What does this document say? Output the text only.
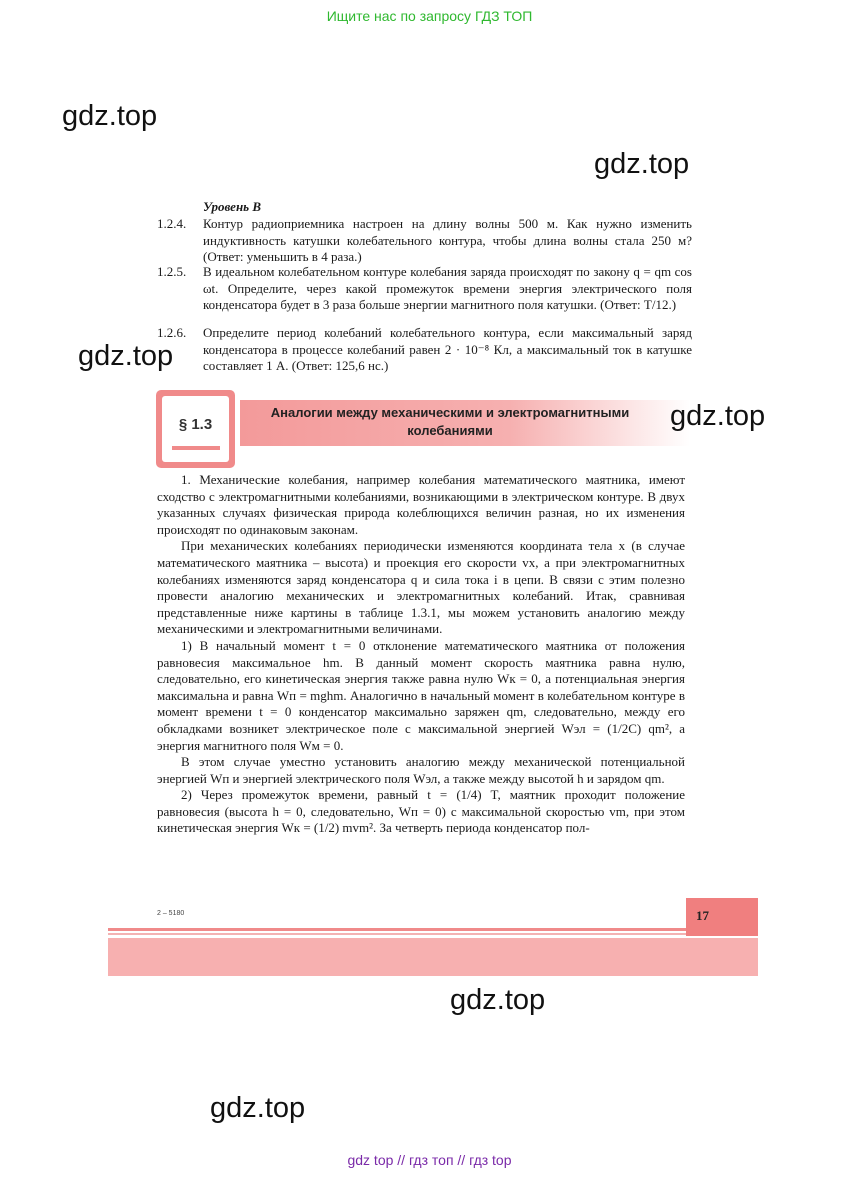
Ищите нас по запросу ГДЗ ТОП
gdz.top
gdz.top
Уровень В
1.2.4.	Контур радиоприемника настроен на длину волны 500 м. Как нужно изменить индуктивность катушки колебательного контура, чтобы длина волны стала 250 м? (Ответ: уменьшить в 4 раза.)
1.2.5.	В идеальном колебательном контуре колебания заряда происходят по закону q = qm cos ωt. Определите, через какой промежуток времени энергия электрического поля конденсатора будет в 3 раза больше энергии магнитного поля катушки. (Ответ: T/12.)
1.2.6.	Определите период колебаний колебательного контура, если максимальный заряд конденсатора в процессе колебаний равен 2 · 10⁻⁸ Кл, а максимальный ток в катушке составляет 1 А. (Ответ: 125,6 нс.)
gdz.top
§ 1.3
Аналогии между механическими и электромагнитными колебаниями	gdz.top

1. Механические колебания, например колебания математического маятника, имеют сходство с электромагнитными колебаниями, возникающими в электрическом контуре. В двух указанных случаях физическая природа колеблющихся величин разная, но их изменения происходят по одинаковым законам.

При механических колебаниях периодически изменяются координата тела x (в случае математического маятника – высота) и проекция его скорости vx, а при электромагнитных колебаниях изменяются заряд конденсатора q и сила тока i в цепи. В связи с этим полезно провести аналогию механических и электромагнитных колебаний. Итак, сравнивая представленные ниже картины в таблице 1.3.1, мы можем установить аналогию между механическими и электромагнитными величинами.

1) В начальный момент t = 0 отклонение математического маятника от положения равновесия максимальное hm. В данный момент скорость маятника равна нулю, следовательно, его кинетическая энергия также равна нулю Wк = 0, а потенциальная энергия максимальна и равна Wп = mghm. Аналогично в начальный момент в колебательном контуре в момент времени t = 0 конденсатор максимально заряжен qm, следовательно, между его обкладками возникет электрическое поле с максимальной энергией Wэл = (1/2C) qm², а энергия магнитного поля Wм = 0.

В этом случае уместно установить аналогию между механической потенциальной энергией Wп и энергией электрического поля Wэл, а также между высотой h и зарядом qm.

2) Через промежуток времени, равный t = (1/4) T, маятник проходит положение равновесия (высота h = 0, следовательно, Wп = 0) с максимальной скоростью vm, при этом кинетическая энергия Wк = (1/2) mvm². За четверть периода конденсатор пол-

2 – 5180	17
gdz.top
gdz.top
gdz top // гдз топ // гдз top
